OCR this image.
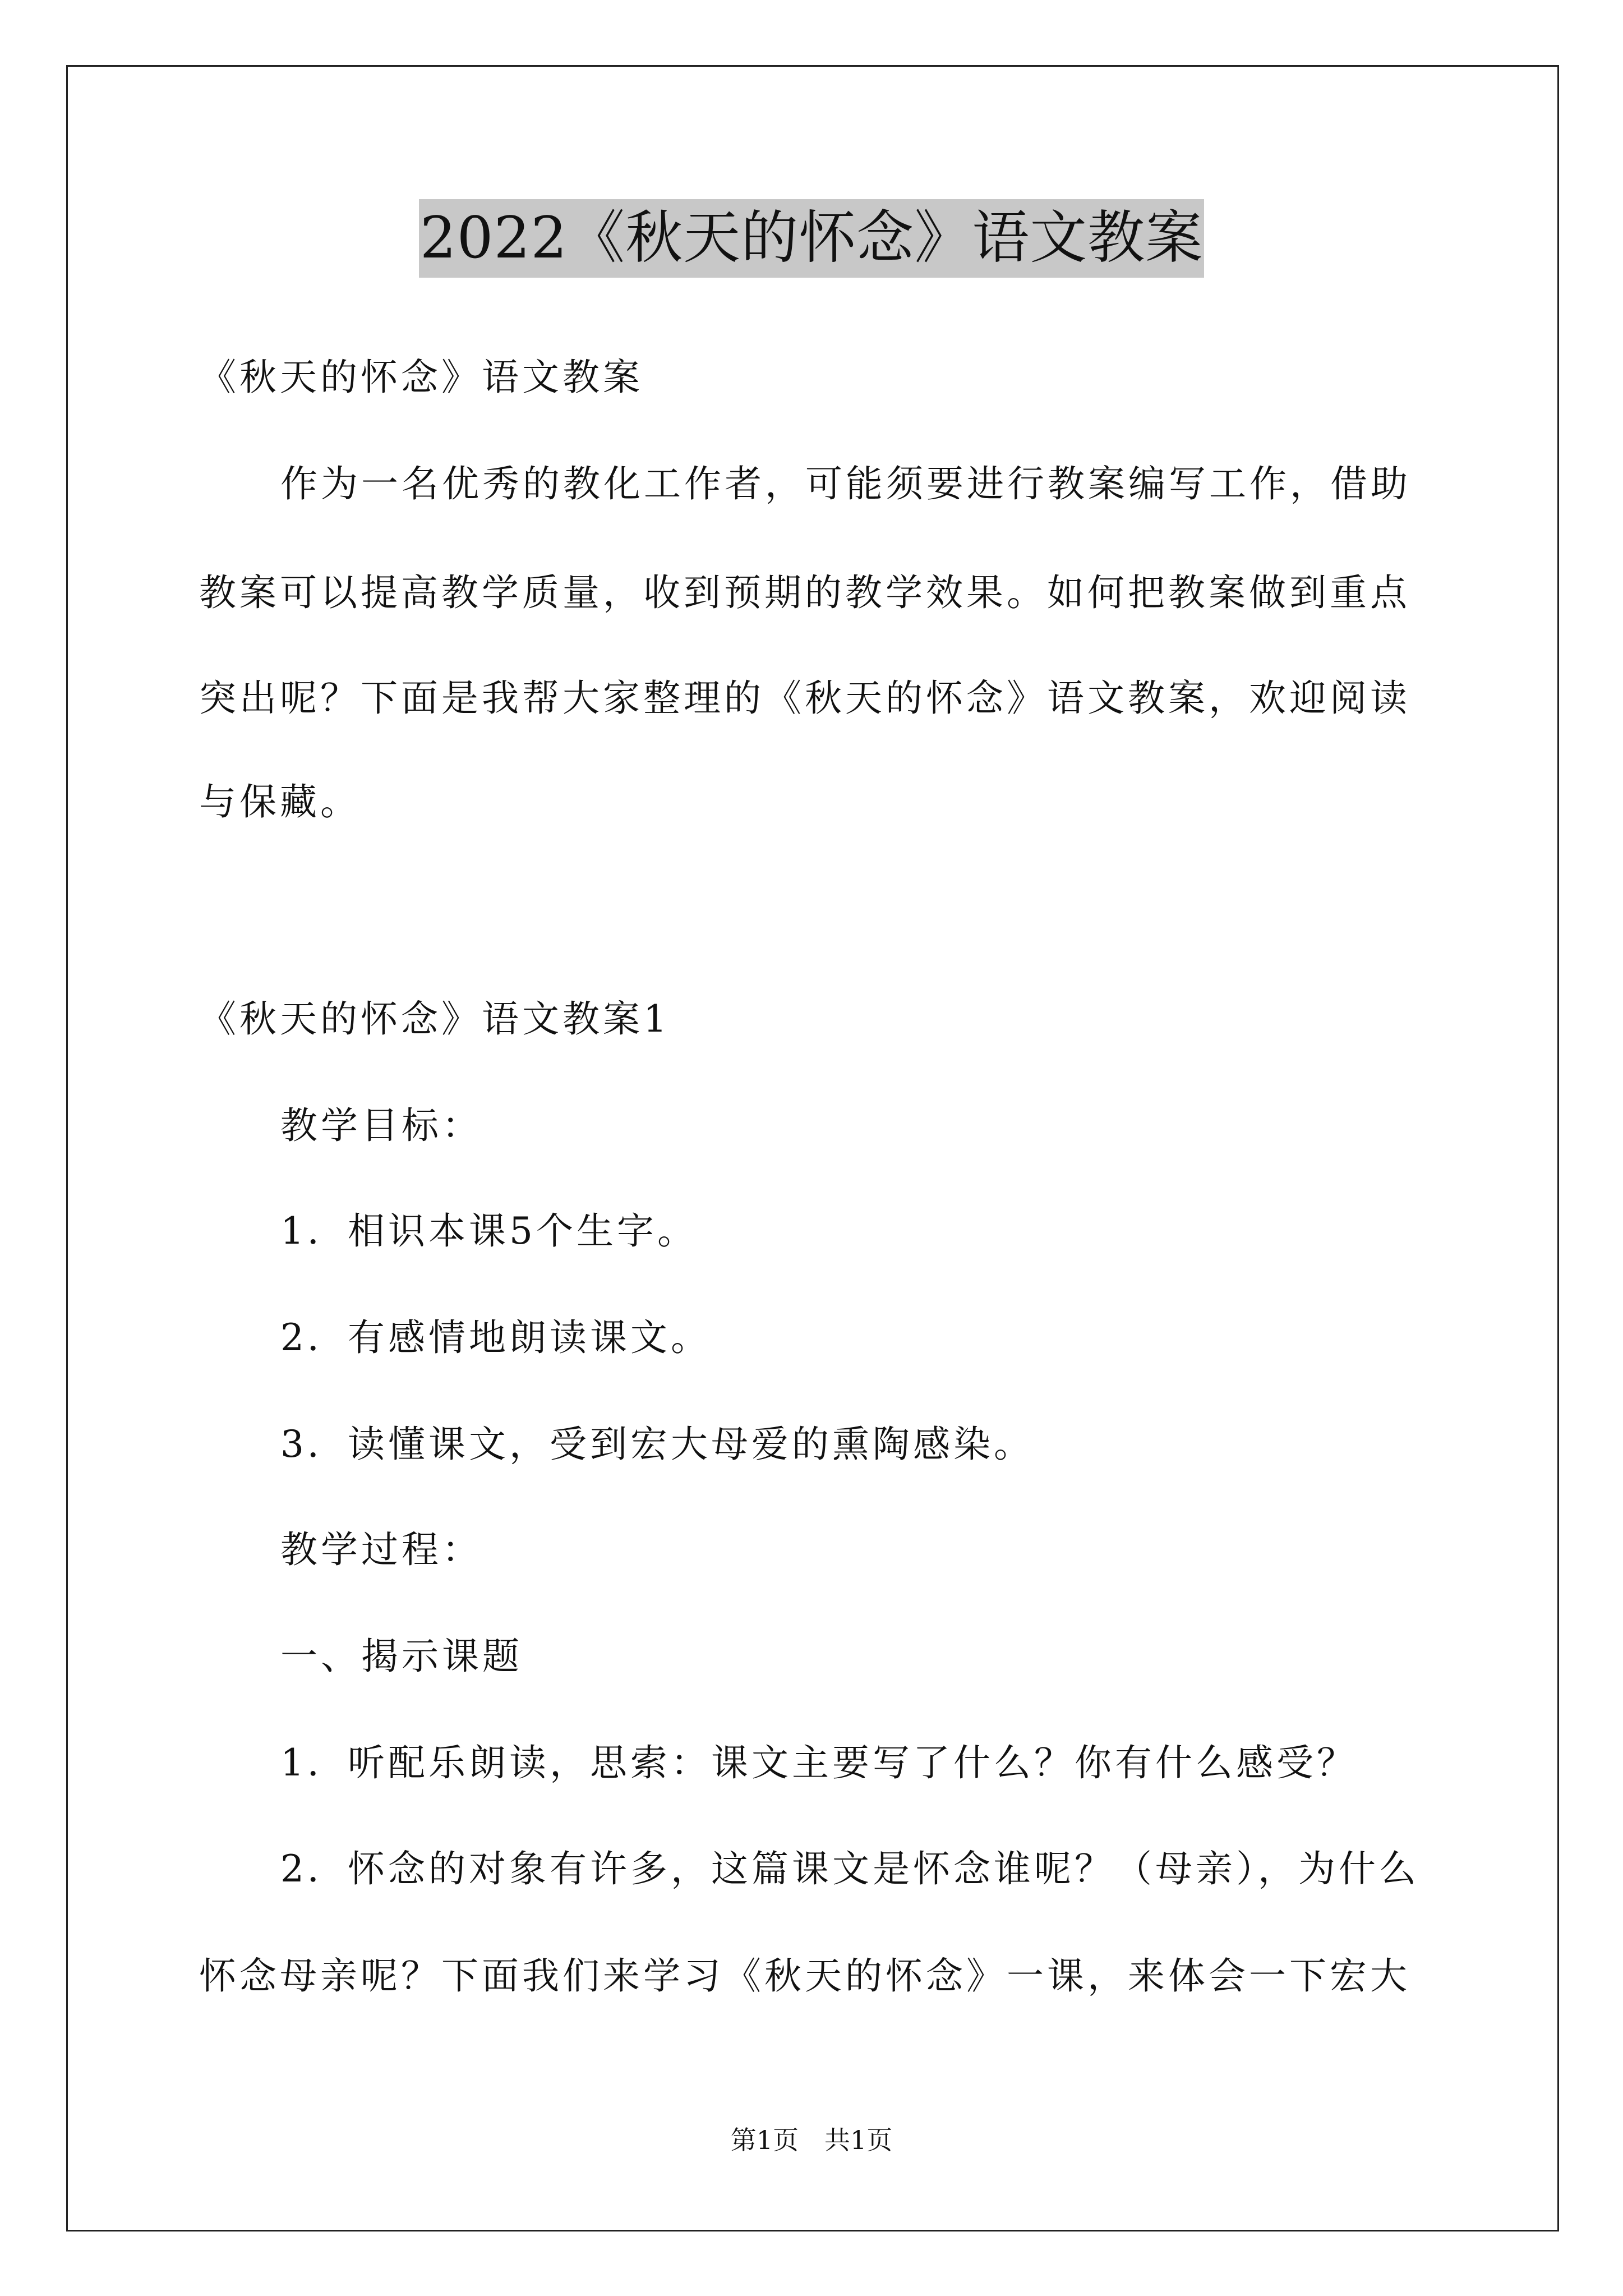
2022《秋天的怀念》语文教案
《秋天的怀念》语文教案
作为一名优秀的教化工作者，可能须要进行教案编写工作，借助
教案可以提高教学质量，收到预期的教学效果。如何把教案做到重点
突出呢？下面是我帮大家整理的《秋天的怀念》语文教案，欢迎阅读
与保藏。
《秋天的怀念》语文教案1
教学目标：
1．相识本课5个生字。
2．有感情地朗读课文。
3．读懂课文，受到宏大母爱的熏陶感染。
教学过程：
一、揭示课题
1．听配乐朗读，思索：课文主要写了什么？你有什么感受？
2．怀念的对象有许多，这篇课文是怀念谁呢？（母亲），为什么
怀念母亲呢？下面我们来学习《秋天的怀念》一课，来体会一下宏大
第1页　共1页
